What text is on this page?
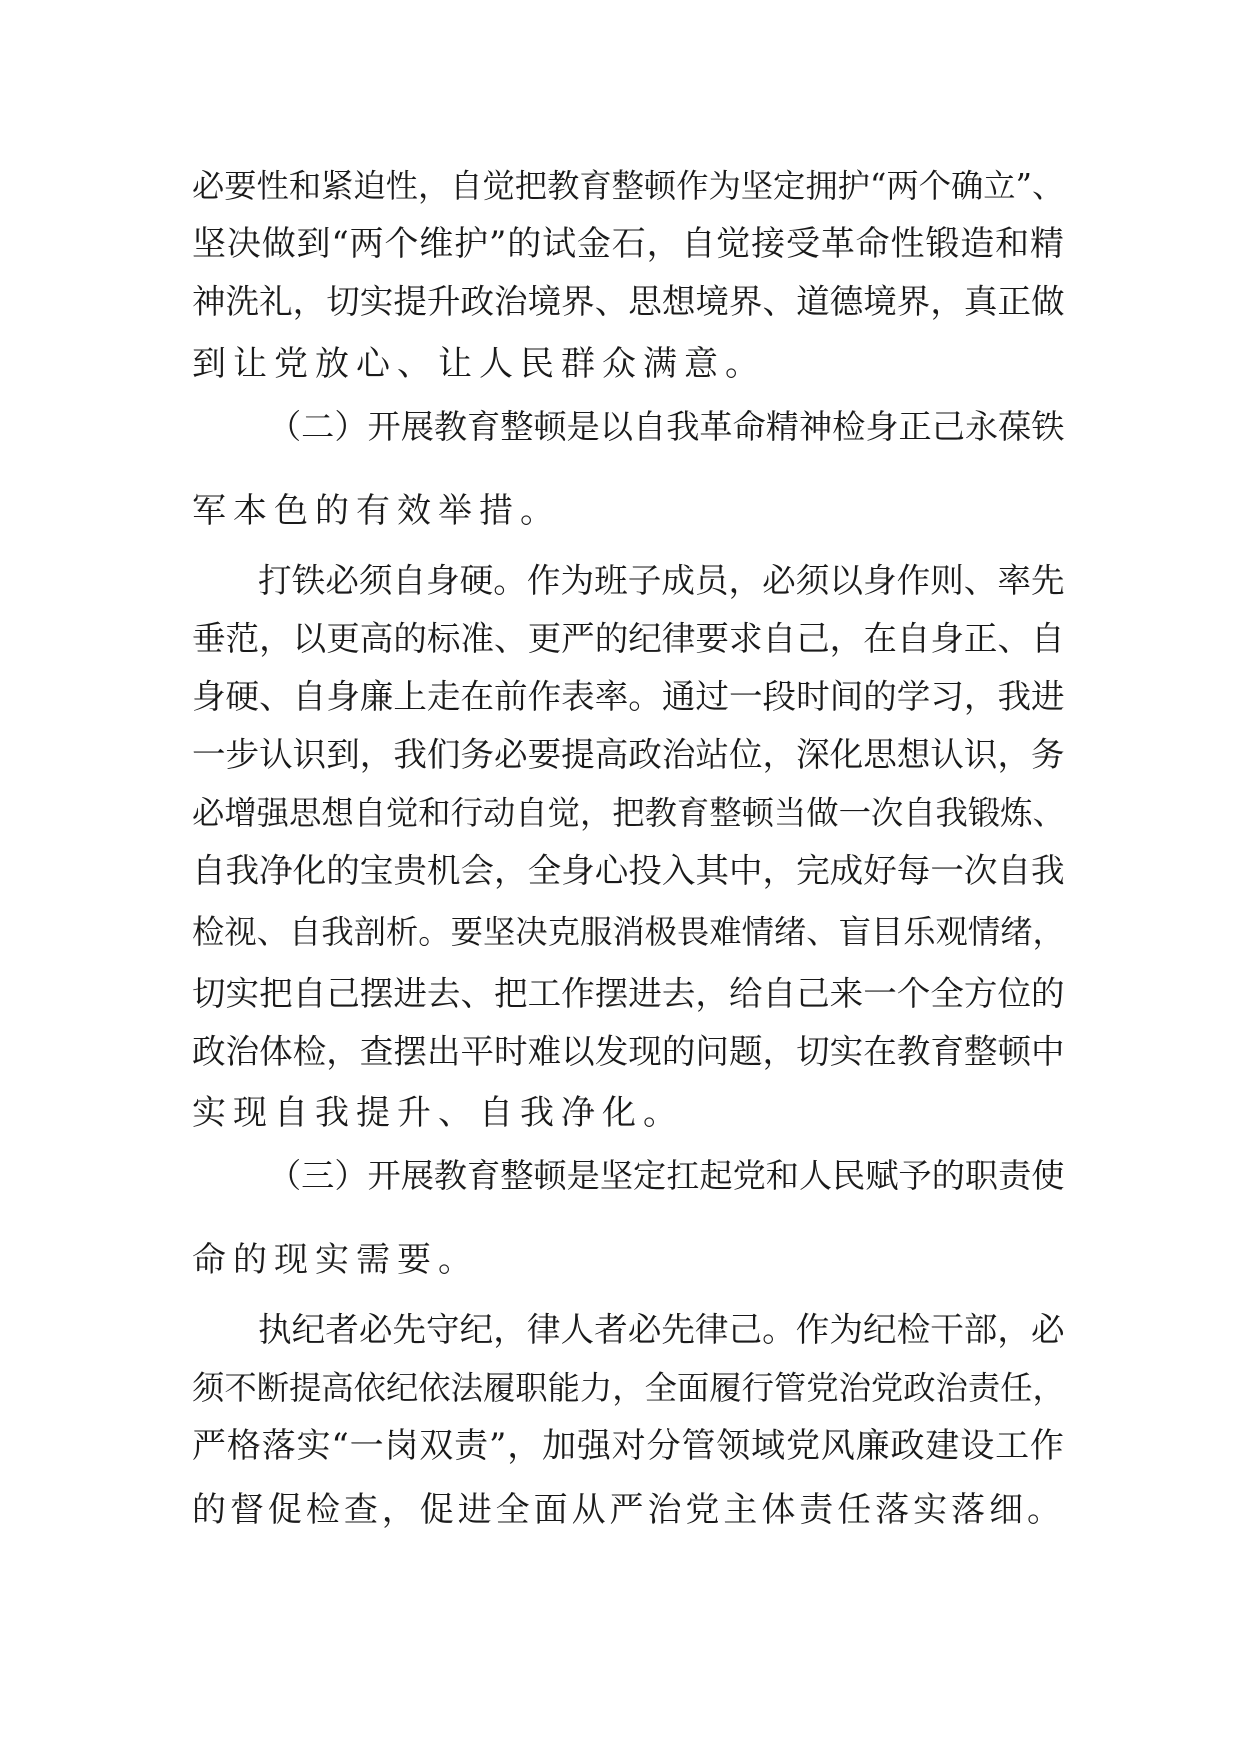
必要性和紧迫性，自觉把教育整顿作为坚定拥护“两个确立”、
坚决做到“两个维护”的试金石，自觉接受革命性锻造和精
神洗礼，切实提升政治境界、思想境界、道德境界，真正做
到让党放心、让人民群众满意。
（二）开展教育整顿是以自我革命精神检身正己永葆铁
军本色的有效举措。
打铁必须自身硬。作为班子成员，必须以身作则、率先
垂范，以更高的标准、更严的纪律要求自己，在自身正、自
身硬、自身廉上走在前作表率。通过一段时间的学习，我进
一步认识到，我们务必要提高政治站位，深化思想认识，务
必增强思想自觉和行动自觉，把教育整顿当做一次自我锻炼、
自我净化的宝贵机会，全身心投入其中，完成好每一次自我
检视、自我剖析。要坚决克服消极畏难情绪、盲目乐观情绪，
切实把自己摆进去、把工作摆进去，给自己来一个全方位的
政治体检，查摆出平时难以发现的问题，切实在教育整顿中
实现自我提升、自我净化。
（三）开展教育整顿是坚定扛起党和人民赋予的职责使
命的现实需要。
执纪者必先守纪，律人者必先律己。作为纪检干部，必
须不断提高依纪依法履职能力，全面履行管党治党政治责任，
严格落实“一岗双责”，加强对分管领域党风廉政建设工作
的督促检查，促进全面从严治党主体责任落实落细。
